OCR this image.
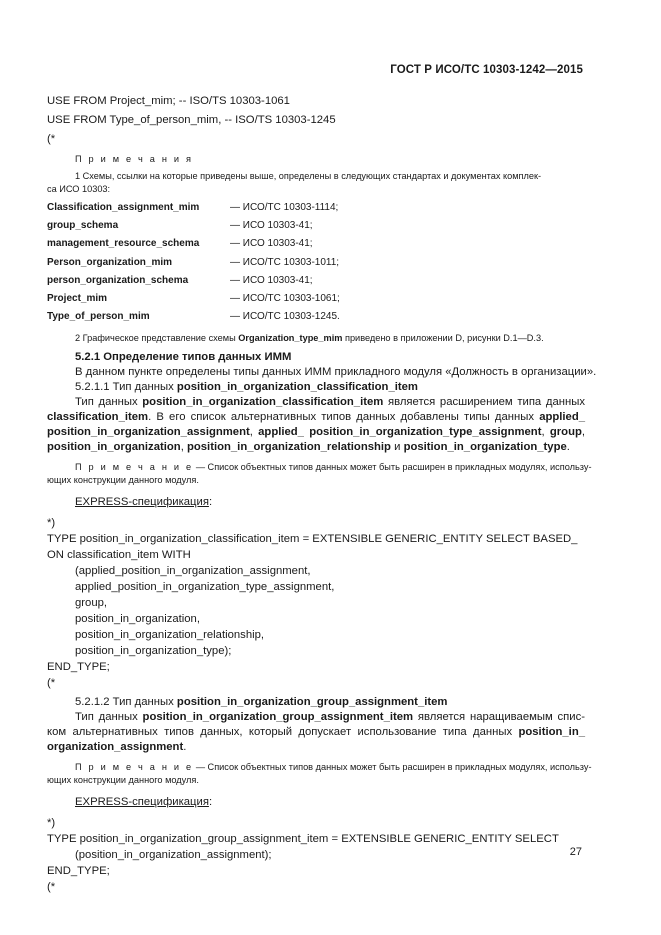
ГОСТ Р ИСО/ТС 10303-1242—2015
USE FROM Project_mim; -- ISO/TS 10303-1061
USE FROM Type_of_person_mim, -- ISO/TS 10303-1245
(*
П р и м е ч а н и я
1 Схемы, ссылки на которые приведены выше, определены в следующих стандартах и документах комплек-
са ИСО 10303:
Classification_assignment_mim	— ИСО/ТС 10303-1114;
group_schema	— ИСО 10303-41;
management_resource_schema	— ИСО 10303-41;
Person_organization_mim	— ИСО/ТС 10303-1011;
person_organization_schema	— ИСО 10303-41;
Project_mim	— ИСО/ТС 10303-1061;
Type_of_person_mim	— ИСО/ТС 10303-1245.
2 Графическое представление схемы Organization_type_mim приведено в приложении D, рисунки D.1—D.3.
5.2.1 Определение типов данных ИММ
В данном пункте определены типы данных ИММ прикладного модуля «Должность в организации».
5.2.1.1 Тип данных position_in_organization_classification_item
Тип данных position_in_organization_classification_item является расширением типа данных
classification_item. В его список альтернативных типов данных добавлены типы данных applied_
position_in_organization_assignment, applied_ position_in_organization_type_assignment, group,
position_in_organization, position_in_organization_relationship и position_in_organization_type.
П р и м е ч а н и е — Список объектных типов данных может быть расширен в прикладных модулях, использу-
ющих конструкции данного модуля.
EXPRESS-спецификация:
*)
TYPE position_in_organization_classification_item = EXTENSIBLE GENERIC_ENTITY SELECT BASED_
ON classification_item WITH
(applied_position_in_organization_assignment,
applied_position_in_organization_type_assignment,
group,
position_in_organization,
position_in_organization_relationship,
position_in_organization_type);
END_TYPE;
(*
5.2.1.2 Тип данных position_in_organization_group_assignment_item
Тип данных position_in_organization_group_assignment_item является наращиваемым спис-
ком альтернативных типов данных, который допускает использование типа данных position_in_
organization_assignment.
П р и м е ч а н и е — Список объектных типов данных может быть расширен в прикладных модулях, использу-
ющих конструкции данного модуля.
EXPRESS-спецификация:
*)
TYPE position_in_organization_group_assignment_item = EXTENSIBLE GENERIC_ENTITY SELECT
(position_in_organization_assignment);
END_TYPE;
(*
27
